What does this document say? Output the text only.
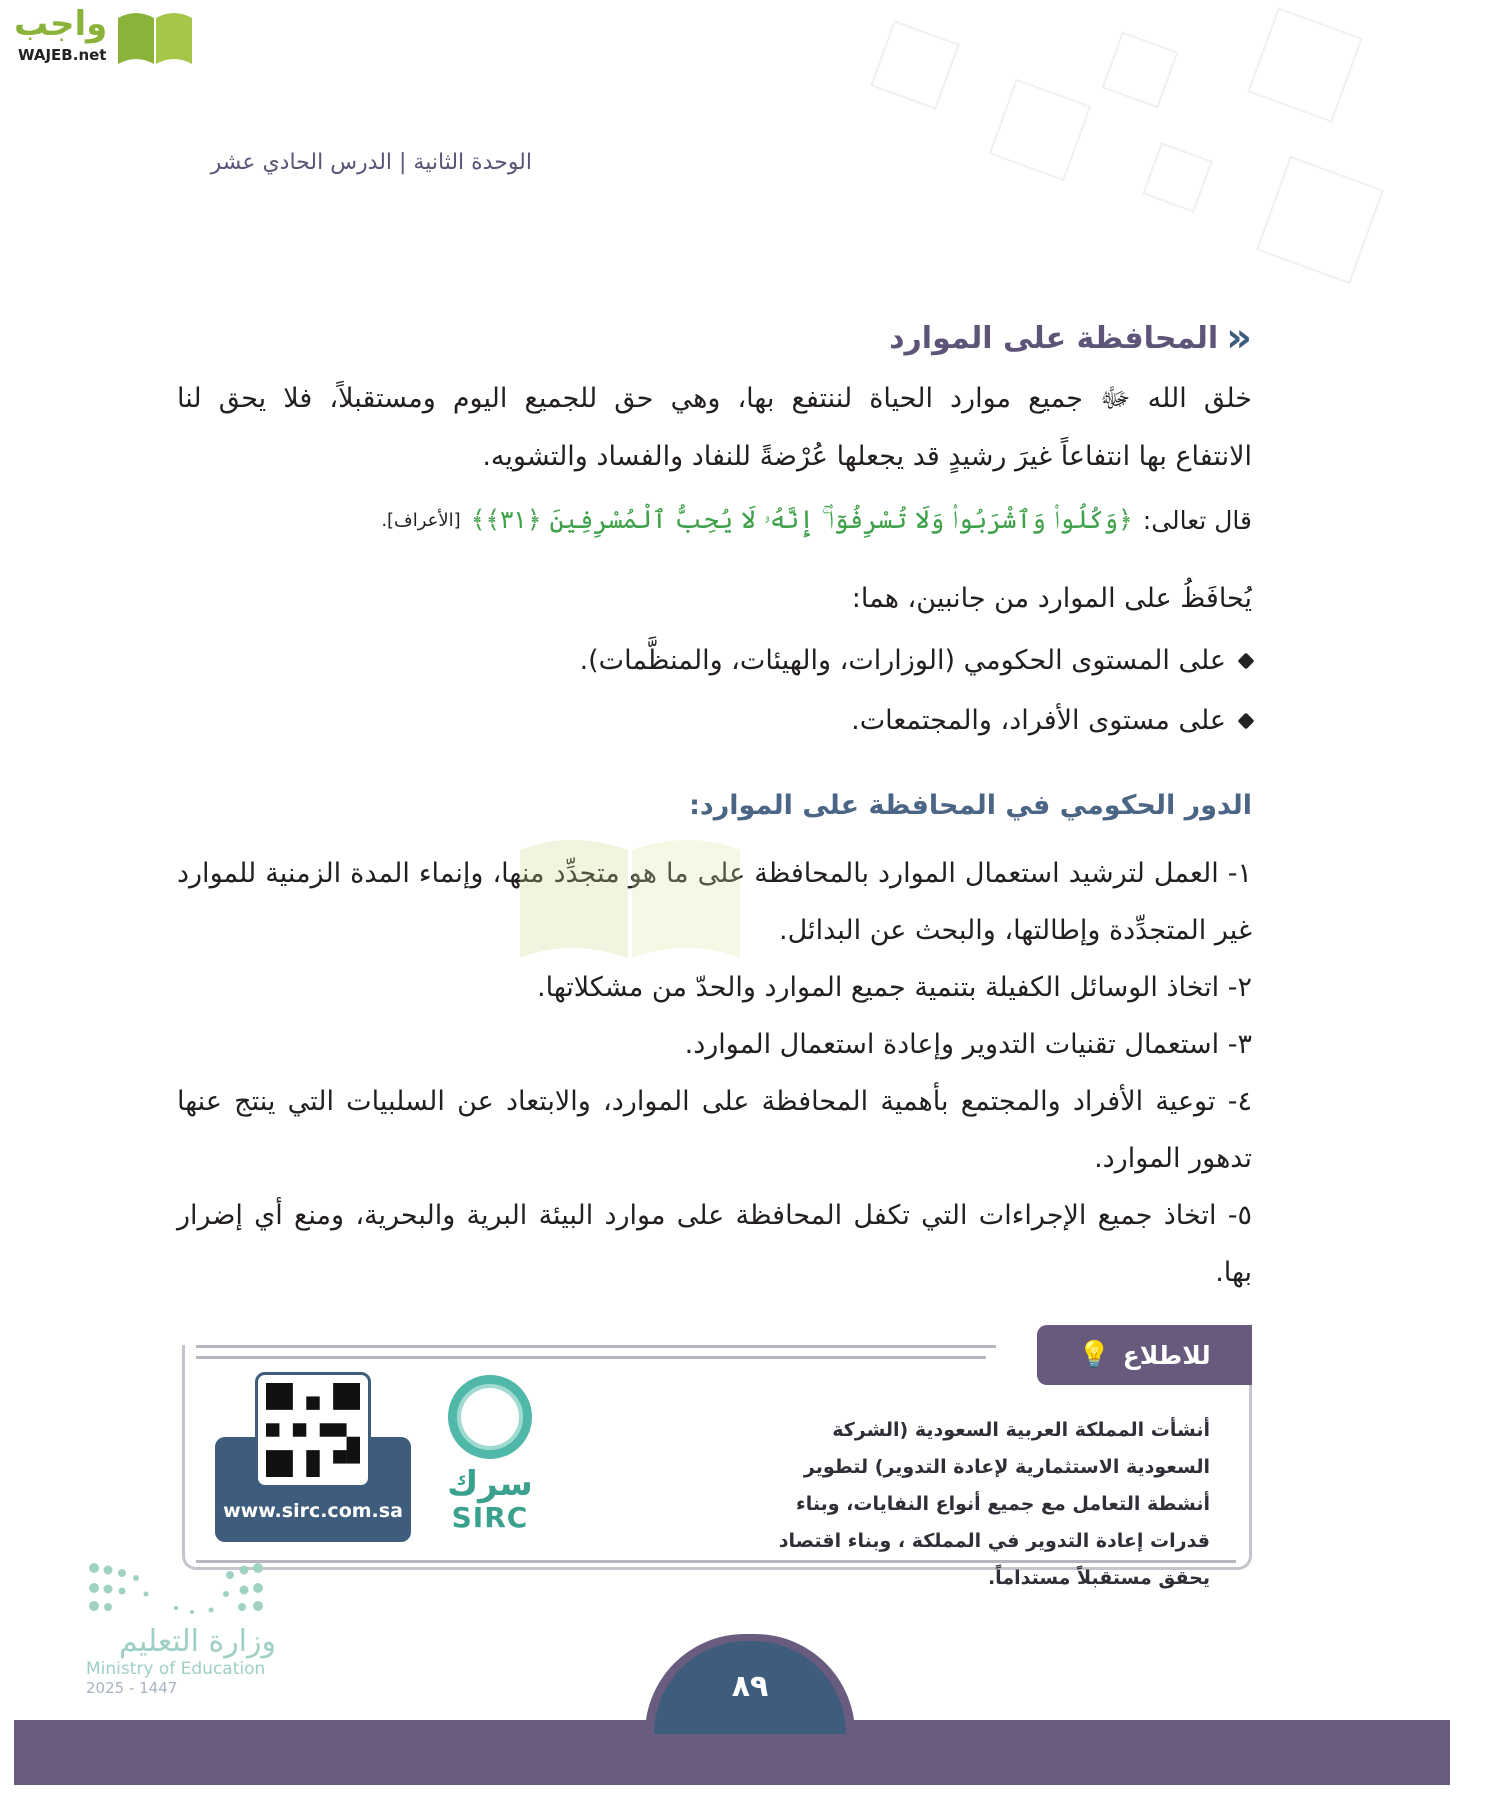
واجب
WAJEB.net
الوحدة الثانية | الدرس الحادي عشر
«
المحافظة على الموارد
خلق الله ﷻ جميع موارد الحياة لننتفع بها، وهي حق للجميع اليوم ومستقبلاً، فلا يحق لنا
الانتفاع بها انتفاعاً غيرَ رشيدٍ قد يجعلها عُرْضةً للنفاد والفساد والتشويه.
قال تعالى:
﴿وَكُلُوا۟ وَٱشْرَبُوا۟ وَلَا تُسْرِفُوٓا۟ ۚ إِنَّهُۥ لَا يُحِبُّ ٱلْمُسْرِفِينَ ﴿٣١﴾﴾
[الأعراف].
يُحافَظُ على الموارد من جانبين، هما:
على المستوى الحكومي (الوزارات، والهيئات، والمنظَّمات).
على مستوى الأفراد، والمجتمعات.
الدور الحكومي في المحافظة على الموارد:
١- العمل لترشيد استعمال الموارد بالمحافظة على ما هو متجدِّد منها، وإنماء المدة الزمنية للموارد غير المتجدِّدة وإطالتها، والبحث عن البدائل.
٢- اتخاذ الوسائل الكفيلة بتنمية جميع الموارد والحدّ من مشكلاتها.
٣- استعمال تقنيات التدوير وإعادة استعمال الموارد.
٤- توعية الأفراد والمجتمع بأهمية المحافظة على الموارد، والابتعاد عن السلبيات التي ينتج عنها تدهور الموارد.
٥- اتخاذ جميع الإجراءات التي تكفل المحافظة على موارد البيئة البرية والبحرية، ومنع أي إضرار بها.
للاطلاع
💡
أنشأت المملكة العربية السعودية (الشركة السعودية الاستثمارية لإعادة التدوير) لتطوير أنشطة التعامل مع جميع أنواع النفايات، وبناء قدرات إعادة التدوير في المملكة ، وبناء اقتصاد يحقق مستقبلاً مستداماً.
سرك
SIRC
www.sirc.com.sa
وزارة التعليم
Ministry of Education
2025 - 1447	٨٩
